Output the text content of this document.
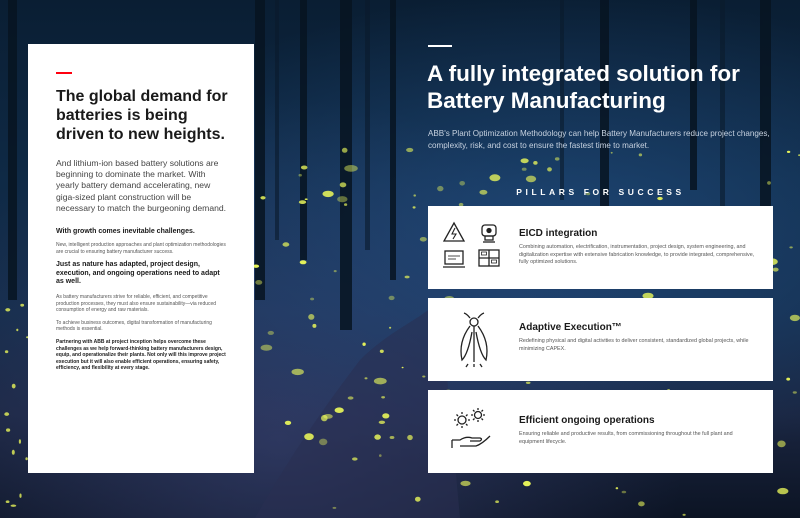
The global demand for batteries is being driven to new heights.

And lithium-ion based battery solutions are beginning to dominate the market. With yearly battery demand accelerating, new giga-sized plant construction will be necessary to match the burgeoning demand.

With growth comes inevitable challenges.

New, intelligent production approaches and plant optimization methodologies are crucial to ensuring battery manufacturer success.

Just as nature has adapted, project design, execution, and ongoing operations need to adapt as well.

As battery manufacturers strive for reliable, efficient, and competitive production processes, they must also ensure sustainability—via reduced consumption of energy and raw materials.

To achieve business outcomes, digital transformation of manufacturing methods is essential.

Partnering with ABB at project inception helps overcome these challenges as we help forward-thinking battery manufacturers design, equip, and operationalize their plants. Not only will this improve project execution but it will also enable efficient operations, ensuring safety, efficiency, and flexibility at every stage.

A fully integrated solution for Battery Manufacturing

ABB's Plant Optimization Methodology can help Battery Manufacturers reduce project changes, complexity, risk, and cost to ensure the fastest time to market.

PILLARS FOR SUCCESS

EICD integration

Combining automation, electrification, instrumentation, project design, system engineering, and digitalization expertise with extensive fabrication knowledge, to provide integrated, comprehensive, fully optimized solutions.

Adaptive Execution™

Redefining physical and digital activities to deliver consistent, standardized global projects, while minimizing CAPEX.

Efficient ongoing operations

Ensuring reliable and productive results, from commissioning throughout the full plant and equipment lifecycle.
